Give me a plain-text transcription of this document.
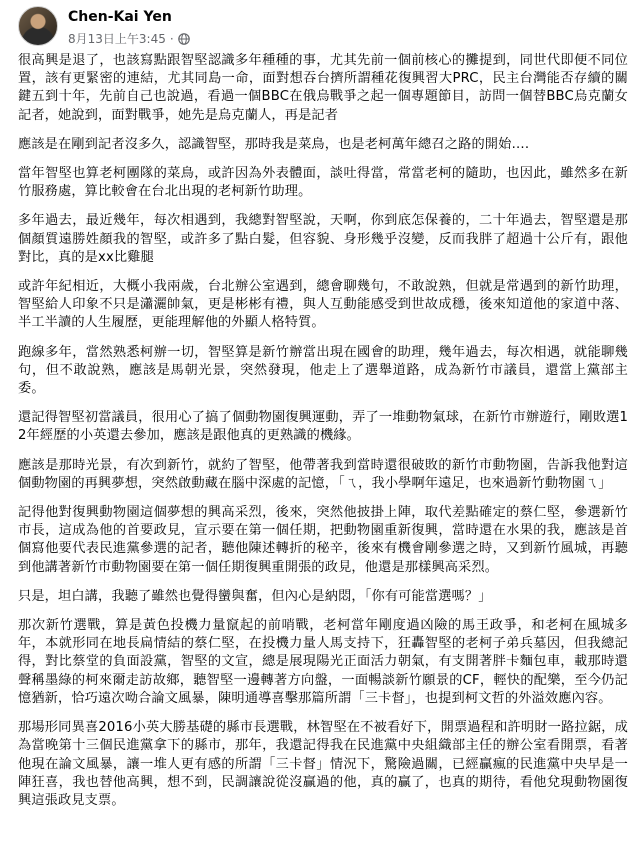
Chen-Kai Yen
8月13日上午3:45 ·

很高興是退了，也該寫點跟智堅認識多年種種的事，尤其先前一個前核心的攤提到，同世代即便不同位置，該有更緊密的連結，尤其同島一命，面對想吞台擠所謂種花復興習大PRC，民主台灣能否存續的關鍵五到十年，先前自己也說過，看過一個BBC在俄烏戰爭之起一個專題節目，訪問一個替BBC烏克蘭女記者，她說到，面對戰爭，她先是烏克蘭人，再是記者

應該是在剛到記者沒多久，認識智堅，那時我是菜鳥，也是老柯萬年總召之路的開始….

當年智堅也算老柯團隊的菜鳥，或許因為外表體面，談吐得當，常當老柯的隨助，也因此，雖然多在新竹服務處，算比較會在台北出現的老柯新竹助理。

多年過去，最近幾年，每次相遇到，我總對智堅說，天啊，你到底怎保養的，二十年過去，智堅還是那個顏質遠勝姓顏我的智堅，或許多了點白髮，但容貌、身形幾乎沒變，反而我胖了超過十公斤有，跟他對比，真的是xx比雞腿

或許年紀相近，大概小我兩歲，台北辦公室遇到，總會聊幾句，不敢說熟，但就是常遇到的新竹助理，智堅給人印象不只是瀟灑帥氣，更是彬彬有禮，與人互動能感受到世故成穩，後來知道他的家道中落、半工半讀的人生履歷，更能理解他的外顯人格特質。

跑線多年，當然熟悉柯辦一切，智堅算是新竹辦當出現在國會的助理，幾年過去，每次相遇，就能聊幾句，但不敢說熟，應該是馬朝光景，突然發現，他走上了選舉道路，成為新竹市議員，還當上黨部主委。

還記得智堅初當議員，很用心了搞了個動物園復興運動，弄了一堆動物氣球，在新竹市辦遊行，剛敗選12年經歷的小英還去參加，應該是跟他真的更熟識的機緣。

應該是那時光景，有次到新竹，就約了智堅，他帶著我到當時還很破敗的新竹市動物園，告訴我他對這個動物園的再興夢想，突然啟動藏在腦中深處的記憶，「ㄟ，我小學啊年遠足，也來過新竹動物園ㄟ」

記得他對復興動物園這個夢想的興高采烈，後來，突然他披掛上陣，取代差點確定的蔡仁堅，參選新竹市長，這成為他的首要政見，宣示要在第一個任期，把動物園重新復興，當時還在水果的我，應該是首個寫他要代表民進黨參選的記者，聽他陳述轉折的秘辛，後來有機會剛參選之時，又到新竹風城，再聽到他講著新竹市動物園要在第一個任期復興重開張的政見，他還是那樣興高采烈。

只是，坦白講，我聽了雖然也覺得蠻與奮，但內心是納悶，「你有可能當選嗎？」

那次新竹選戰，算是黃色投機力量竄起的前哨戰，老柯當年剛度過凶險的馬王政爭，和老柯在風城多年，本就形同在地長扁情結的蔡仁堅，在投機力量人馬支持下，狂轟智堅的老柯子弟兵墓因，但我總記得，對比蔡堂的負面設黨，智堅的文宣，總是展現陽光正面活力朝氣，有支開著胖卡麵包車，載那時還聲稱墨綠的柯來爾走訪故鄉，聽智堅一邊轉著方向盤，一面暢談新竹願景的CF，輕快的配樂，至今仍記憶猶新，恰巧遠次呦合論文風暴，陳明通導喜擊那篇所謂「三卡督」，也提到柯文哲的外溢效應內容。

那場形同異喜2016小英大勝基礎的縣市長選戰，林智堅在不被看好下，開票過程和許明財一路拉鋸，成為當晚第十三個民進黨拿下的縣市，那年，我還記得我在民進黨中央組織部主任的辦公室看開票，看著他現在論文風暴，讓一堆人更有感的所謂「三卡督」情況下，驚險過關，已經贏瘋的民進黨中央早是一陣狂喜，我也替他高興，想不到，民調讓說從沒贏過的他，真的贏了，也真的期待，看他兌現動物園復興這張政見支票。
